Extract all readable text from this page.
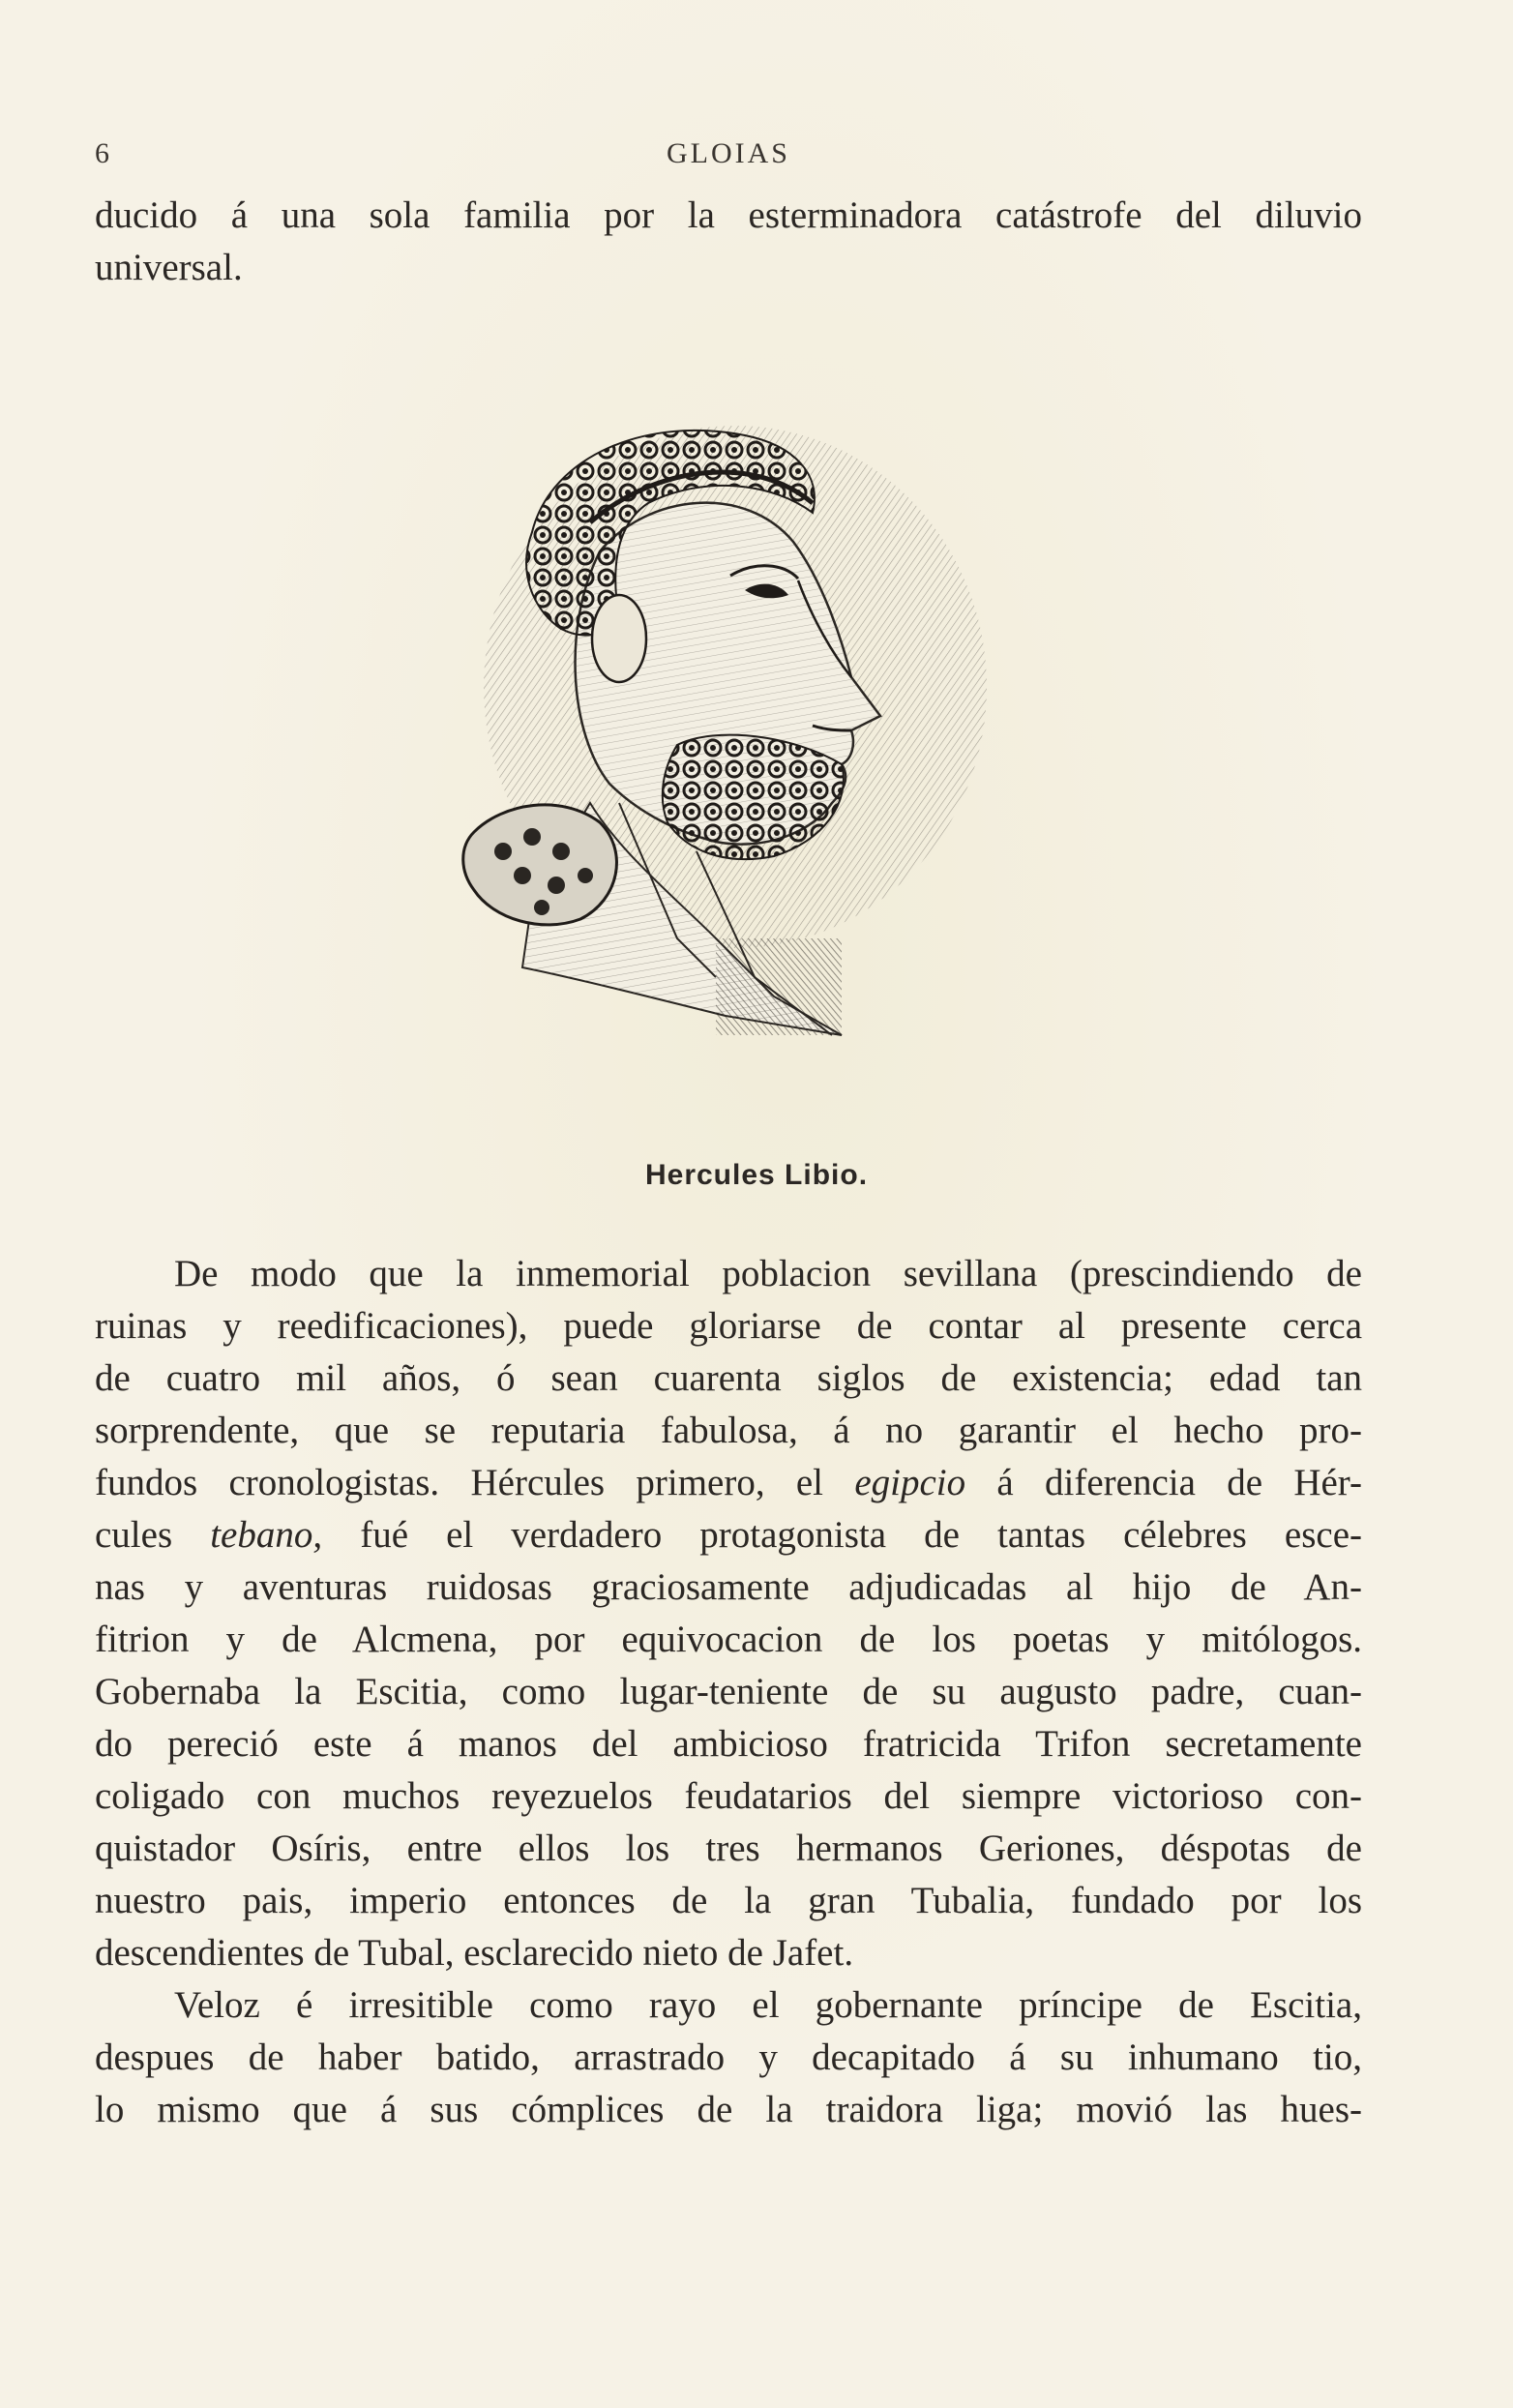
6	GLOIAS
ducido á una sola familia por la esterminadora catástrofe del diluvio
universal.
Hercules Libio.
De modo que la inmemorial poblacion sevillana (prescindiendo de
ruinas y reedificaciones), puede gloriarse de contar al presente cerca
de cuatro mil años, ó sean cuarenta siglos de existencia; edad tan
sorprendente, que se reputaria fabulosa, á no garantir el hecho pro-
fundos cronologistas. Hércules primero, el egipcio á diferencia de Hér-
cules tebano, fué el verdadero protagonista de tantas célebres esce-
nas y aventuras ruidosas graciosamente adjudicadas al hijo de An-
fitrion y de Alcmena, por equivocacion de los poetas y mitólogos.
Gobernaba la Escitia, como lugar-teniente de su augusto padre, cuan-
do pereció este á manos del ambicioso fratricida Trifon secretamente
coligado con muchos reyezuelos feudatarios del siempre victorioso con-
quistador Osíris, entre ellos los tres hermanos Geriones, déspotas de
nuestro pais, imperio entonces de la gran Tubalia, fundado por los
descendientes de Tubal, esclarecido nieto de Jafet.
Veloz é irresitible como rayo el gobernante príncipe de Escitia,
despues de haber batido, arrastrado y decapitado á su inhumano tio,
lo mismo que á sus cómplices de la traidora liga; movió las hues-
